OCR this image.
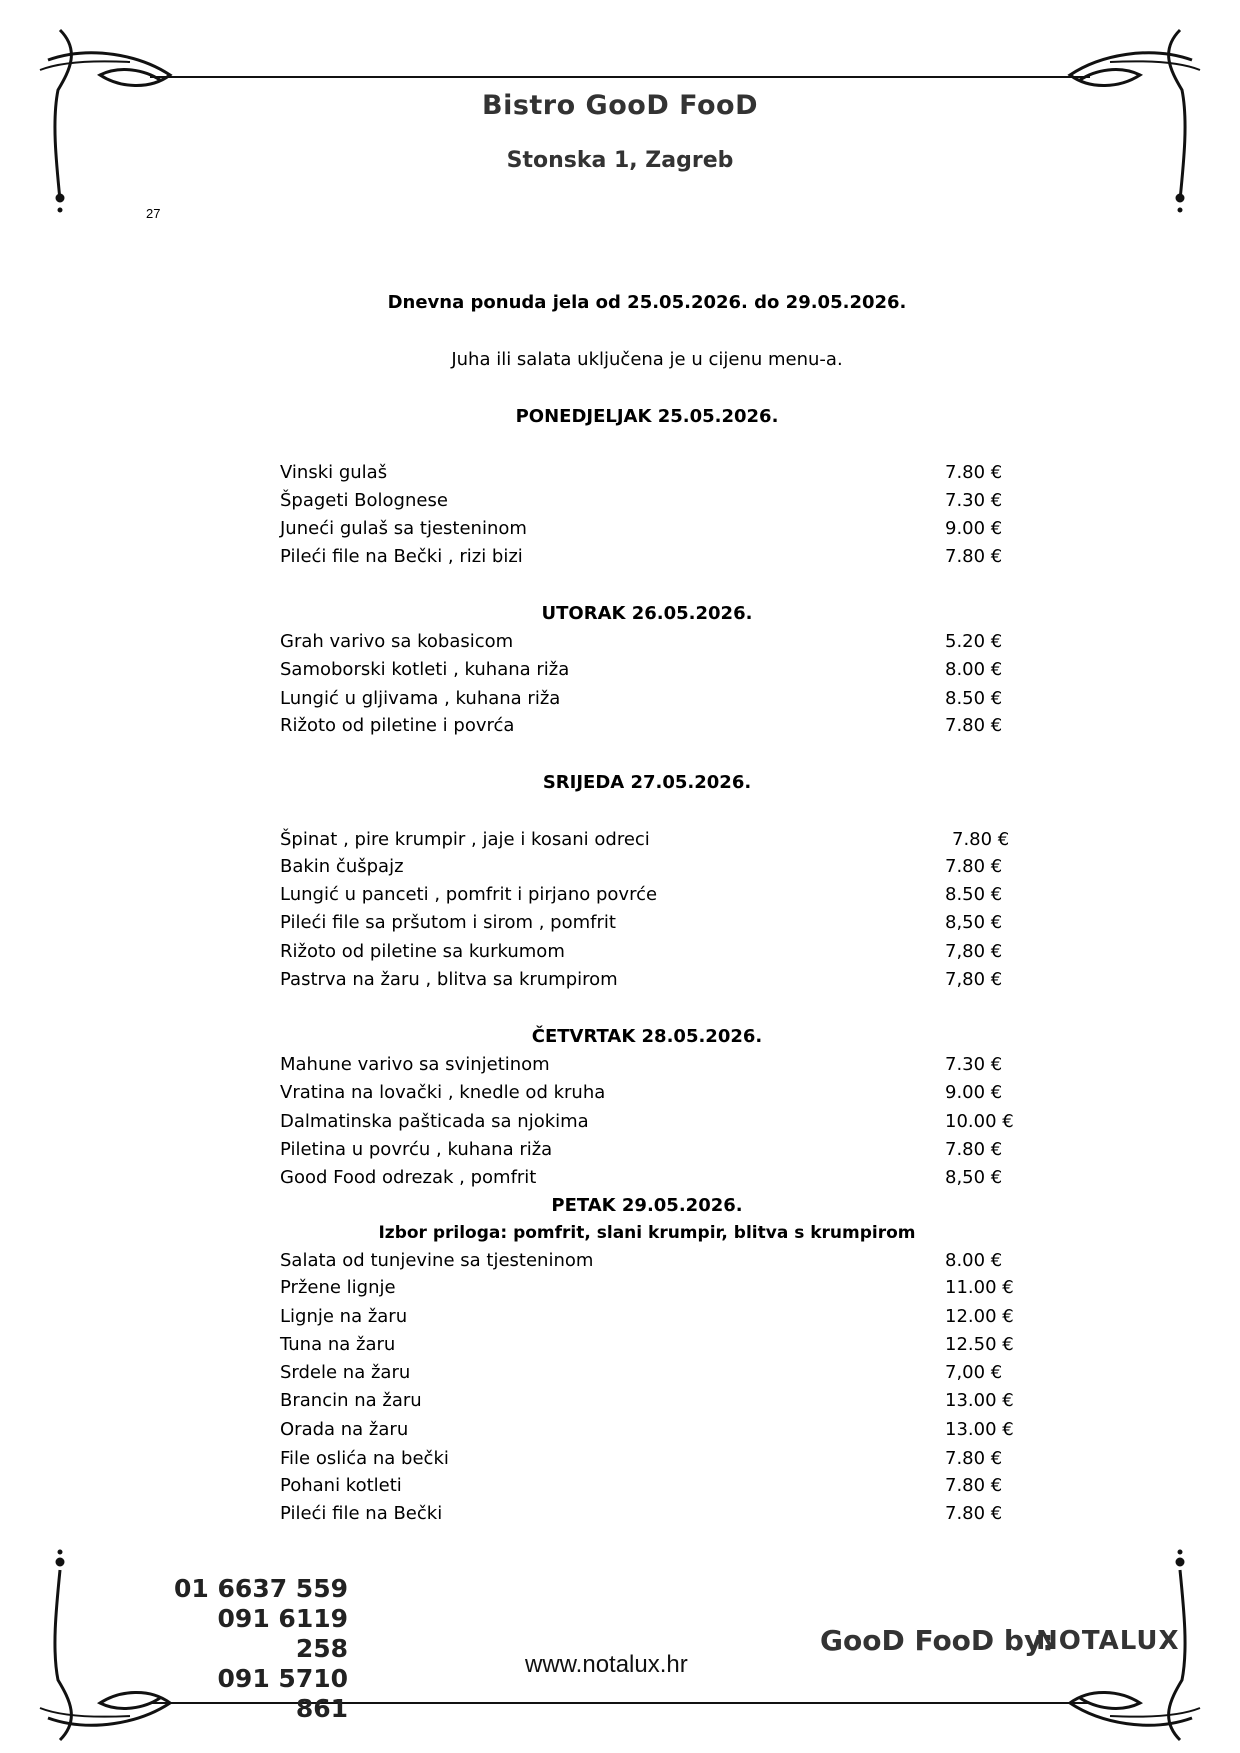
Bistro GooD FooD
Stonska 1, Zagreb
27
Dnevna ponuda jela od 25.05.2026. do 29.05.2026.
Juha ili salata uključena je u cijenu menu-a.
PONEDJELJAK 25.05.2026.
Vinski gulaš	7.80 €
Špageti Bolognese	7.30 €
Juneći gulaš sa tjesteninom	9.00 €
Pileći file na Bečki , rizi bizi	7.80 €
UTORAK 26.05.2026.
Grah varivo sa kobasicom	5.20 €
Samoborski kotleti , kuhana riža	8.00 €
Lungić u gljivama , kuhana riža	8.50 €
Rižoto od piletine i povrća	7.80 €
SRIJEDA 27.05.2026.
Špinat , pire krumpir , jaje i kosani odreci	7.80 €
Bakin čušpajz	7.80 €
Lungić u panceti , pomfrit i pirjano povrće	8.50 €
Pileći file sa pršutom i sirom , pomfrit	8,50 €
Rižoto od piletine sa kurkumom	7,80 €
Pastrva na žaru , blitva sa krumpirom	7,80 €
ČETVRTAK 28.05.2026.
Mahune varivo sa svinjetinom	7.30 €
Vratina na lovački , knedle od kruha	9.00 €
Dalmatinska pašticada sa njokima	10.00 €
Piletina u povrću , kuhana riža	7.80 €
Good Food odrezak , pomfrit	8,50 €
PETAK 29.05.2026.
Izbor priloga: pomfrit, slani krumpir, blitva s krumpirom
Salata od tunjevine sa tjesteninom	8.00 €
Pržene lignje	11.00 €
Lignje na žaru	12.00 €
Tuna na žaru	12.50 €
Srdele na žaru	7,00 €
Brancin na žaru	13.00 €
Orada na žaru	13.00 €
File oslića na bečki	7.80 €
Pohani kotleti	7.80 €
Pileći file na Bečki	7.80 €
01 6637 559
091 6119 258
091 5710 861
www.notalux.hr
GooD FooD by:
NOTALUX
